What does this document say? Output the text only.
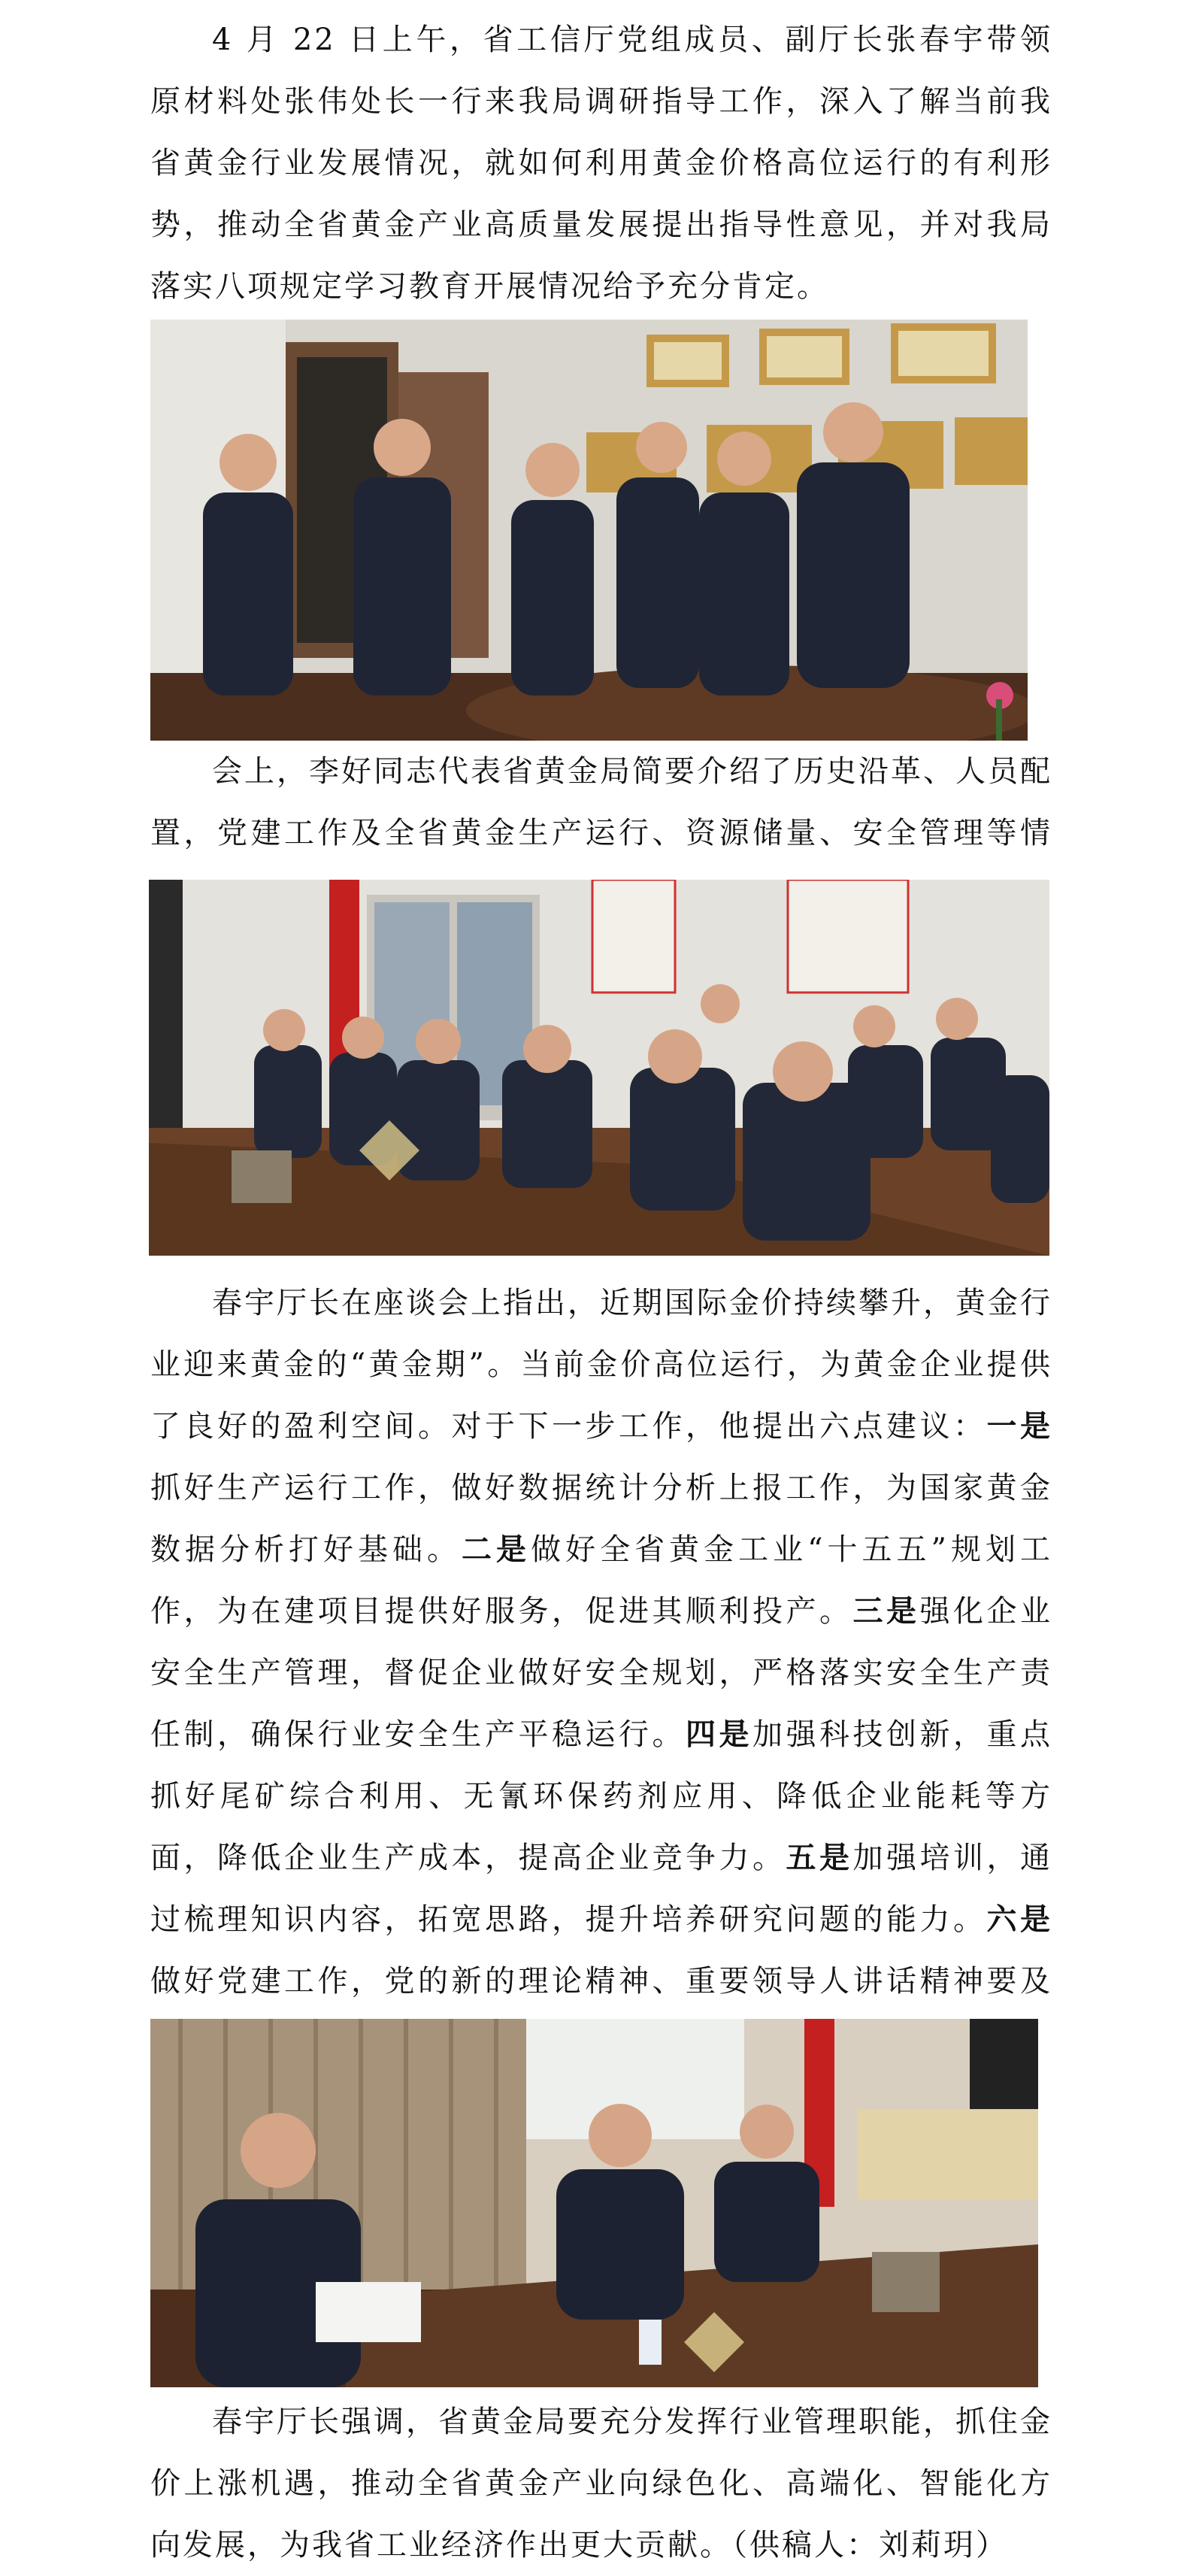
4 月 22 日上午，省工信厅党组成员、副厅长张春宇带领原材料处张伟处长一行来我局调研指导工作，深入了解当前我省黄金行业发展情况，就如何利用黄金价格高位运行的有利形势，推动全省黄金产业高质量发展提出指导性意见，并对我局落实八项规定学习教育开展情况给予充分肯定。

会上，李好同志代表省黄金局简要介绍了历史沿革、人员配置，党建工作及全省黄金生产运行、资源储量、安全管理等情

春宇厅长在座谈会上指出，近期国际金价持续攀升，黄金行业迎来黄金的“黄金期”。当前金价高位运行，为黄金企业提供了良好的盈利空间。对于下一步工作，他提出六点建议：一是抓好生产运行工作，做好数据统计分析上报工作，为国家黄金数据分析打好基础。二是做好全省黄金工业“十五五”规划工作，为在建项目提供好服务，促进其顺利投产。三是强化企业安全生产管理，督促企业做好安全规划，严格落实安全生产责任制，确保行业安全生产平稳运行。四是加强科技创新，重点抓好尾矿综合利用、无氰环保药剂应用、降低企业能耗等方面，降低企业生产成本，提高企业竞争力。五是加强培训，通过梳理知识内容，拓宽思路，提升培养研究问题的能力。六是做好党建工作，党的新的理论精神、重要领导人讲话精神要及

春宇厅长强调，省黄金局要充分发挥行业管理职能，抓住金价上涨机遇，推动全省黄金产业向绿色化、高端化、智能化方向发展，为我省工业经济作出更大贡献。（供稿人：刘莉玥）
